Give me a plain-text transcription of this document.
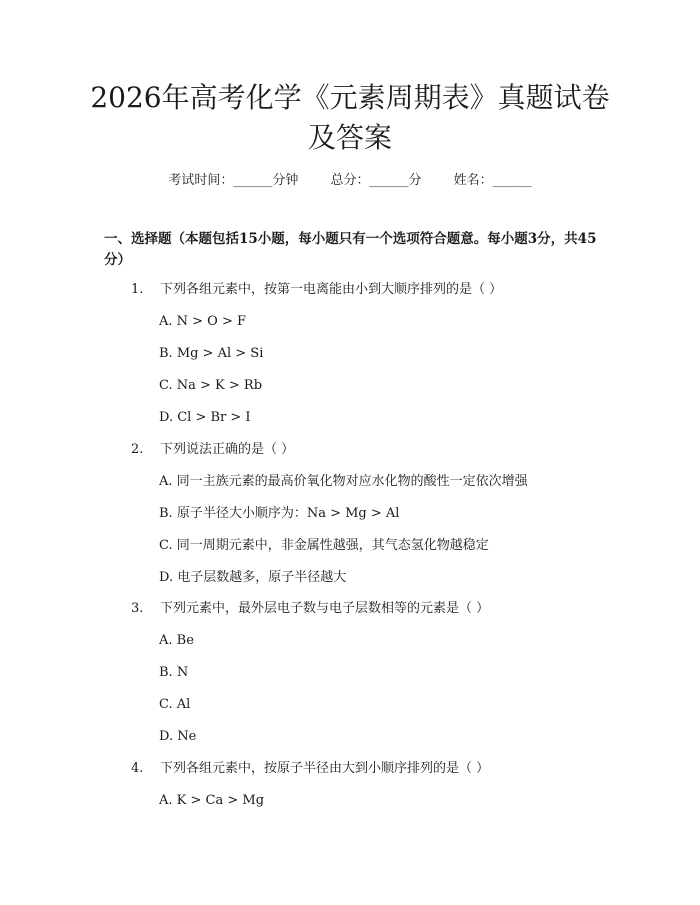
2026年高考化学《元素周期表》真题试卷及答案
考试时间：______分钟 总分：______分 姓名：______

一、选择题（本题包括15小题，每小题只有一个选项符合题意。每小题3分，共45分）

1. 下列各组元素中，按第一电离能由小到大顺序排列的是（ ）
A. N > O > F
B. Mg > Al > Si
C. Na > K > Rb
D. Cl > Br > I
2. 下列说法正确的是（ ）
A. 同一主族元素的最高价氧化物对应水化物的酸性一定依次增强
B. 原子半径大小顺序为：Na > Mg > Al
C. 同一周期元素中，非金属性越强，其气态氢化物越稳定
D. 电子层数越多，原子半径越大
3. 下列元素中，最外层电子数与电子层数相等的元素是（ ）
A. Be
B. N
C. Al
D. Ne
4. 下列各组元素中，按原子半径由大到小顺序排列的是（ ）
A. K > Ca > Mg
